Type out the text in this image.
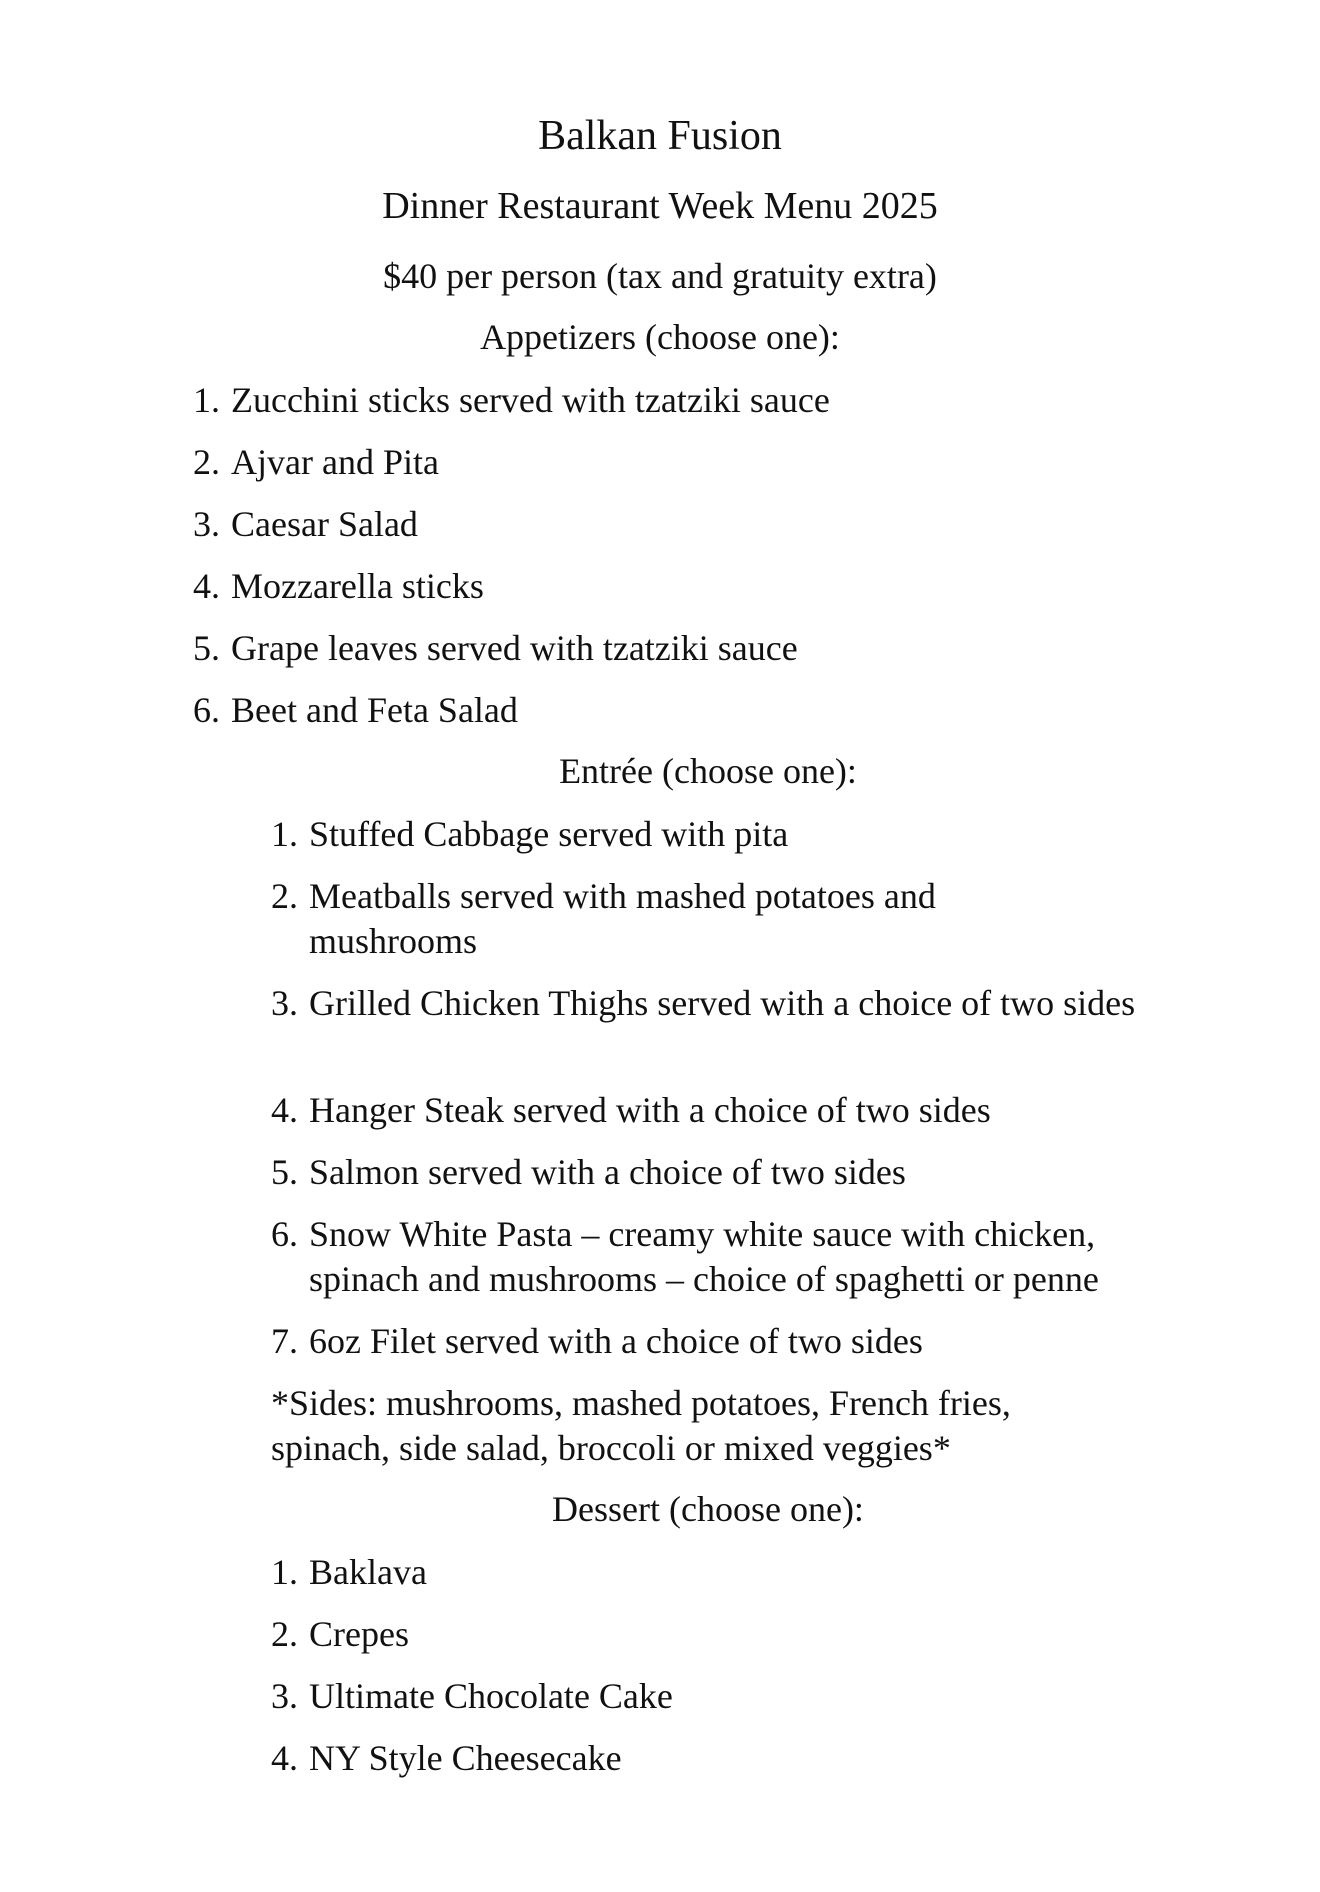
Balkan Fusion
Dinner Restaurant Week Menu 2025
$40 per person (tax and gratuity extra)
Appetizers (choose one):
1. Zucchini sticks served with tzatziki sauce
2. Ajvar and Pita
3. Caesar Salad
4. Mozzarella sticks
5. Grape leaves served with tzatziki sauce
6. Beet and Feta Salad
Entrée (choose one):
1. Stuffed Cabbage served with pita
2. Meatballs served with mashed potatoes and mushrooms
3. Grilled Chicken Thighs served with a choice of two sides
4. Hanger Steak served with a choice of two sides
5. Salmon served with a choice of two sides
6. Snow White Pasta – creamy white sauce with chicken, spinach and mushrooms – choice of spaghetti or penne
7. 6oz Filet served with a choice of two sides
*Sides: mushrooms, mashed potatoes, French fries, spinach, side salad, broccoli or mixed veggies*
Dessert (choose one):
1. Baklava
2. Crepes
3. Ultimate Chocolate Cake
4. NY Style Cheesecake
